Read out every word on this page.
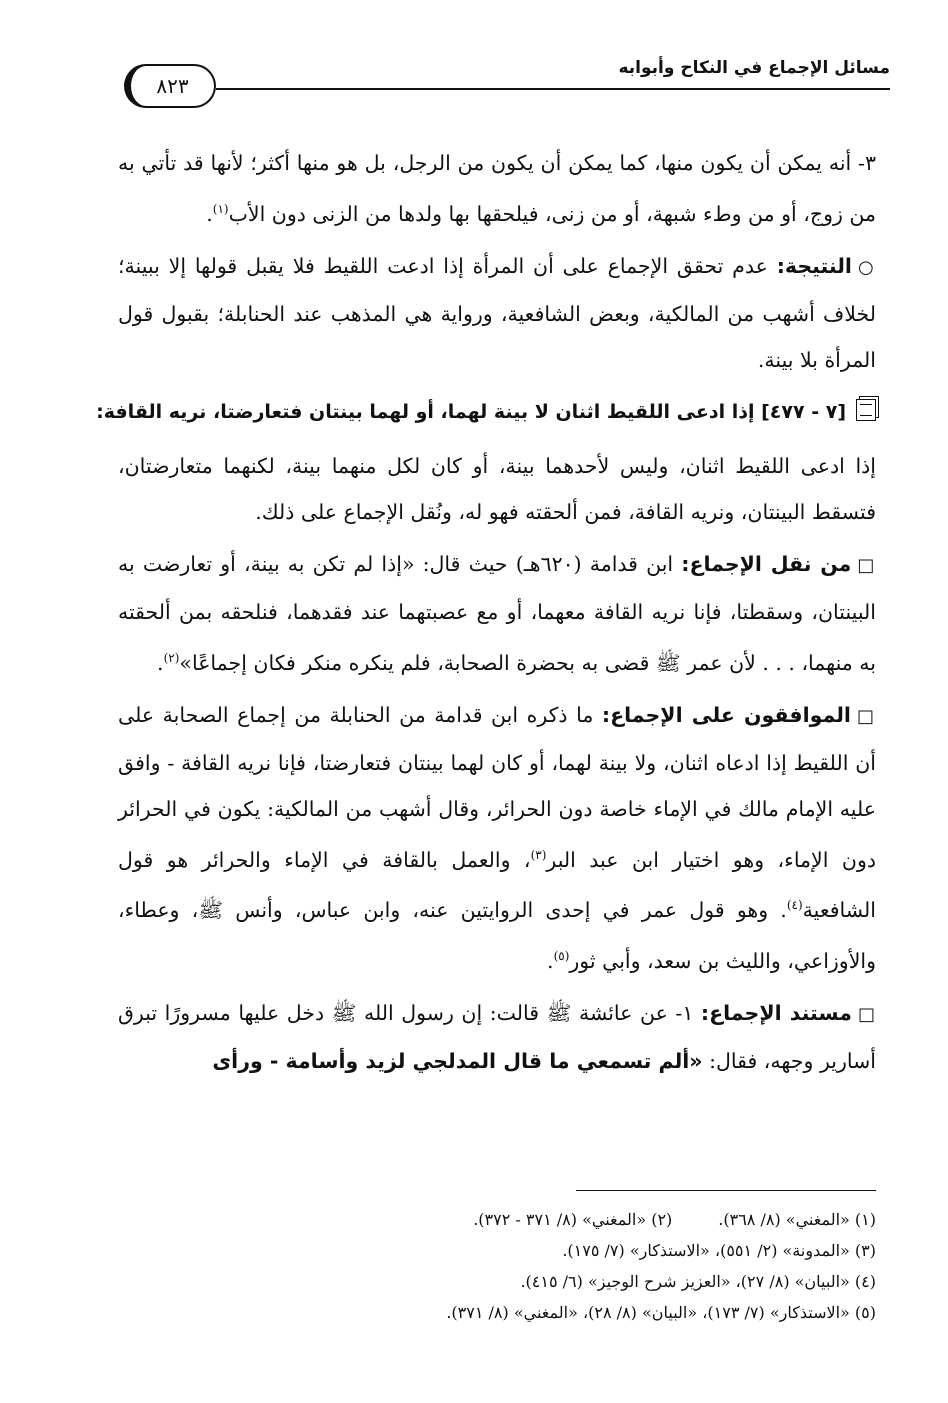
مسائل الإجماع في النكاح وأبوابه
٨٢٣

٣- أنه يمكن أن يكون منها، كما يمكن أن يكون من الرجل، بل هو منها أكثر؛ لأنها قد تأتي به من زوج، أو من وطء شبهة، أو من زنى، فيلحقها بها ولدها من الزنى دون الأب$^{(١)}$.

○النتيجة: عدم تحقق الإجماع على أن المرأة إذا ادعت اللقيط فلا يقبل قولها إلا ببينة؛ لخلاف أشهب من المالكية، وبعض الشافعية، ورواية هي المذهب عند الحنابلة؛ بقبول قول المرأة بلا بينة.

[٧ - ٤٧٧] إذا ادعى اللقيط اثنان لا بينة لهما، أو لهما بينتان فتعارضتا، نريه القافة:

إذا ادعى اللقيط اثنان، وليس لأحدهما بينة، أو كان لكل منهما بينة، لكنهما متعارضتان، فتسقط البينتان، ونريه القافة، فمن ألحقته فهو له، ونُقل الإجماع على ذلك.

□من نقل الإجماع: ابن قدامة (٦٢٠هـ) حيث قال: «إذا لم تكن به بينة، أو تعارضت به البينتان، وسقطتا، فإنا نريه القافة معهما، أو مع عصبتهما عند فقدهما، فنلحقه بمن ألحقته به منهما، . . . لأن عمر ﷺ قضى به بحضرة الصحابة، فلم ينكره منكر فكان إجماعًا»$^{(٢)}$.

□الموافقون على الإجماع: ما ذكره ابن قدامة من الحنابلة من إجماع الصحابة على أن اللقيط إذا ادعاه اثنان، ولا بينة لهما، أو كان لهما بينتان فتعارضتا، فإنا نريه القافة - وافق عليه الإمام مالك في الإماء خاصة دون الحرائر، وقال أشهب من المالكية: يكون في الحرائر دون الإماء، وهو اختيار ابن عبد البر$^{(٣)}$، والعمل بالقافة في الإماء والحرائر هو قول الشافعية$^{(٤)}$. وهو قول عمر في إحدى الروايتين عنه، وابن عباس، وأنس ﷺ، وعطاء، والأوزاعي، والليث بن سعد، وأبي ثور$^{(٥)}$.

□مستند الإجماع: ١- عن عائشة ﷺ قالت: إن رسول الله ﷺ دخل عليها مسرورًا تبرق أسارير وجهه، فقال: «ألم تسمعي ما قال المدلجي لزيد وأسامة - ورأى

(١) «المغني» (٨/ ٣٦٨).(٢) «المغني» (٨/ ٣٧١ - ٣٧٢).
(٣) «المدونة» (٢/ ٥٥١)، «الاستذكار» (٧/ ١٧٥).
(٤) «البيان» (٨/ ٢٧)، «العزيز شرح الوجيز» (٦/ ٤١٥).
(٥) «الاستذكار» (٧/ ١٧٣)، «البيان» (٨/ ٢٨)، «المغني» (٨/ ٣٧١).
